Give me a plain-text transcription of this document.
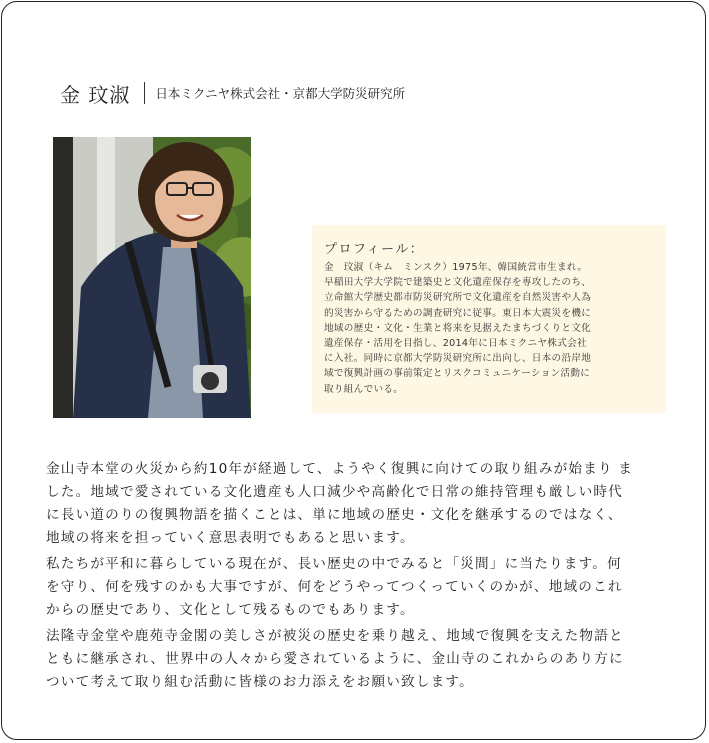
金 玟淑 日本ミクニヤ株式会社・京都大学防災研究所
プロフィール：
金　玟淑（キム　ミンスク）1975年、韓国統営市生まれ。
早稲田大学大学院で建築史と文化遺産保存を専攻したのち、
立命館大学歴史都市防災研究所で文化遺産を自然災害や人為
的災害から守るための調査研究に従事。東日本大震災を機に
地域の歴史・文化・生業と将来を見据えたまちづくりと文化
遺産保存・活用を目指し、2014年に日本ミクニヤ株式会社
に入社。同時に京都大学防災研究所に出向し、日本の沿岸地
域で復興計画の事前策定とリスクコミュニケーション活動に
取り組んでいる。

金山寺本堂の火災から約10年が経過して、ようやく復興に向けての取り組みが始まり ま
した。地域で愛されている文化遺産も人口減少や高齢化で日常の維持管理も厳しい時代
に長い道のりの復興物語を描くことは、単に地域の歴史・文化を継承するのではなく、
地域の将来を担っていく意思表明でもあると思います。

私たちが平和に暮らしている現在が、長い歴史の中でみると「災間」に当たります。何
を守り、何を残すのかも大事ですが、何をどうやってつくっていくのかが、地域のこれ
からの歴史であり、文化として残るものでもあります。

法隆寺金堂や鹿苑寺金閣の美しさが被災の歴史を乗り越え、地域で復興を支えた物語と
ともに継承され、世界中の人々から愛されているように、金山寺のこれからのあり方に
ついて考えて取り組む活動に皆様のお力添えをお願い致します。
